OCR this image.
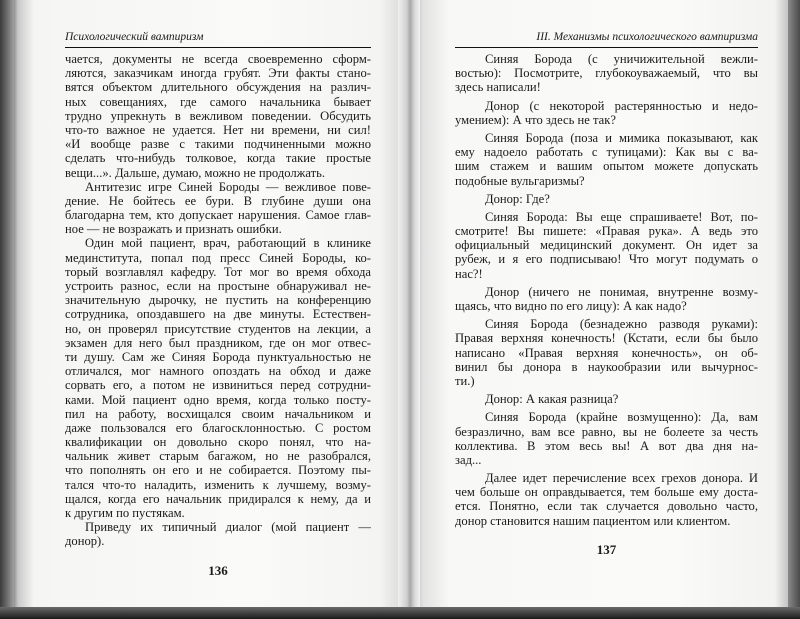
Психологический вампиризм

чается, документы не всегда своевременно сформ-
ляются, заказчикам иногда грубят. Эти факты стано-
вятся объектом длительного обсуждения на различ-
ных совещаниях, где самого начальника бывает
трудно упрекнуть в вежливом поведении. Обсудить
что-то важное не удается. Нет ни времени, ни сил!
«И вообще разве с такими подчиненными можно
сделать что-нибудь толковое, когда такие простые
вещи...». Дальше, думаю, можно не продолжать.

Антитезис игре Синей Бороды — вежливое пове-
дение. Не бойтесь ее бури. В глубине души она
благодарна тем, кто допускает нарушения. Самое глав-
ное — не возражать и признать ошибки.

Один мой пациент, врач, работающий в клинике
мединститута, попал под пресс Синей Бороды, ко-
торый возглавлял кафедру. Тот мог во время обхода
устроить разнос, если на простыне обнаруживал не-
значительную дырочку, не пустить на конференцию
сотрудника, опоздавшего на две минуты. Естествен-
но, он проверял присутствие студентов на лекции, а
экзамен для него был праздником, где он мог отвес-
ти душу. Сам же Синяя Борода пунктуальностью не
отличался, мог намного опоздать на обход и даже
сорвать его, а потом не извиниться перед сотрудни-
ками. Мой пациент одно время, когда только посту-
пил на работу, восхищался своим начальником и
даже пользовался его благосклонностью. С ростом
квалификации он довольно скоро понял, что на-
чальник живет старым багажом, но не разобрался,
что пополнять он его и не собирается. Поэтому пы-
тался что-то наладить, изменить к лучшему, возму-
щался, когда его начальник придирался к нему, да и
к другим по пустякам.

Приведу их типичный диалог (мой пациент —
донор).

136
III. Механизмы психологического вампиризма

Синяя Борода (с уничижительной вежли-
востью): Посмотрите, глубокоуважаемый, что вы
здесь написали!

Донор (с некоторой растерянностью и недо-
умением): А что здесь не так?

Синяя Борода (поза и мимика показывают, как
ему надоело работать с тупицами): Как вы с ва-
шим стажем и вашим опытом можете допускать
подобные вульгаризмы?

Донор: Где?

Синяя Борода: Вы еще спрашиваете! Вот, по-
смотрите! Вы пишете: «Правая рука». А ведь это
официальный медицинский документ. Он идет за
рубеж, и я его подписываю! Что могут подумать о
нас?!

Донор (ничего не понимая, внутренне возму-
щаясь, что видно по его лицу): А как надо?

Синяя Борода (безнадежно разводя руками):
Правая верхняя конечность! (Кстати, если бы было
написано «Правая верхняя конечность», он об-
винил бы донора в наукообразии или вычурнос-
ти.)

Донор: А какая разница?

Синяя Борода (крайне возмущенно): Да, вам
безразлично, вам все равно, вы не болеете за честь
коллектива. В этом весь вы! А вот два дня на-
зад...

Далее идет перечисление всех грехов донора. И
чем больше он оправдывается, тем больше ему доста-
ется. Понятно, если так случается довольно часто,
донор становится нашим пациентом или клиентом.

137
